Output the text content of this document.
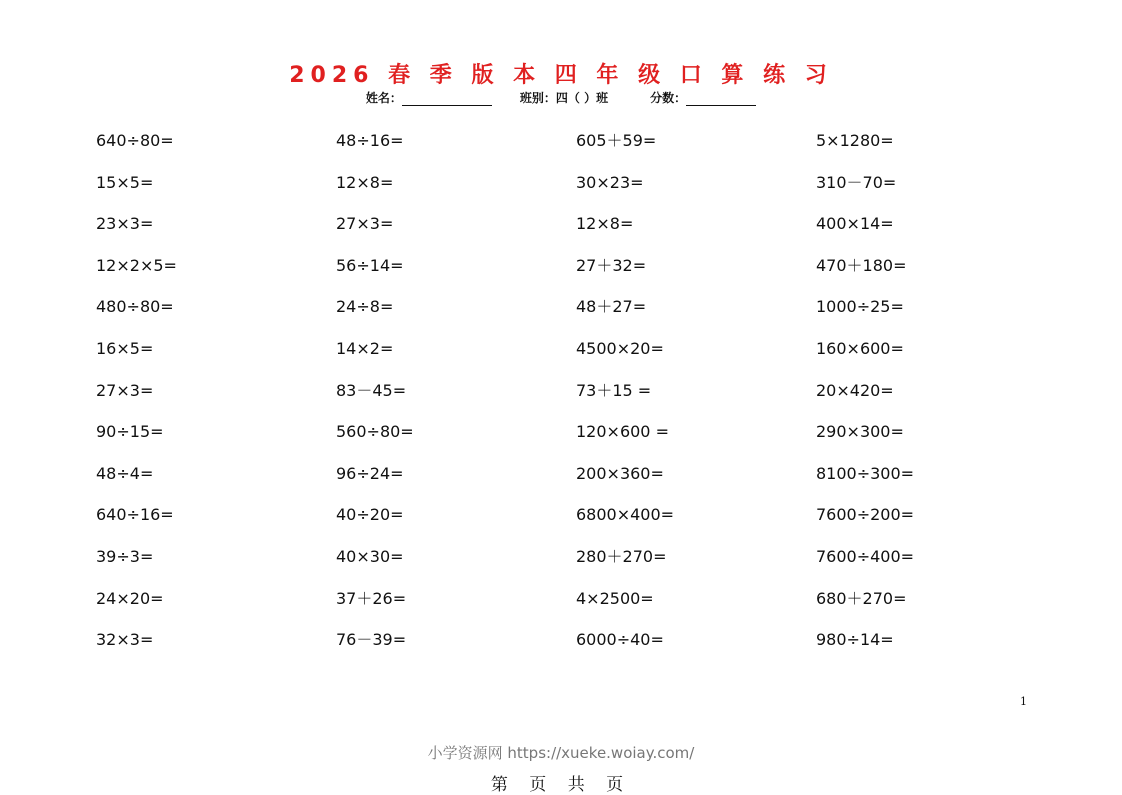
2026 春 季 版 本 四 年 级 口 算 练 习
姓名：	班别：四（ ）班	分数：
640÷80=	48÷16=	605＋59=	5×1280=
15×5=	12×8=	30×23=	310－70=
23×3=	27×3=	12×8=	400×14=
12×2×5=	56÷14=	27＋32=	470＋180=
480÷80=	24÷8=	48＋27=	1000÷25=
16×5=	14×2=	4500×20=	160×600=
27×3=	83－45=	73＋15 =	20×420=
90÷15=	560÷80=	120×600 =	290×300=
48÷4=	96÷24=	200×360=	8100÷300=
640÷16=	40÷20=	6800×400=	7600÷200=
39÷3=	40×30=	280＋270=	7600÷400=
24×20=	37＋26=	4×2500=	680＋270=
32×3=	76－39=	6000÷40=	980÷14=
1
小学资源网 https://xueke.woiay.com/
第 页 共 页
